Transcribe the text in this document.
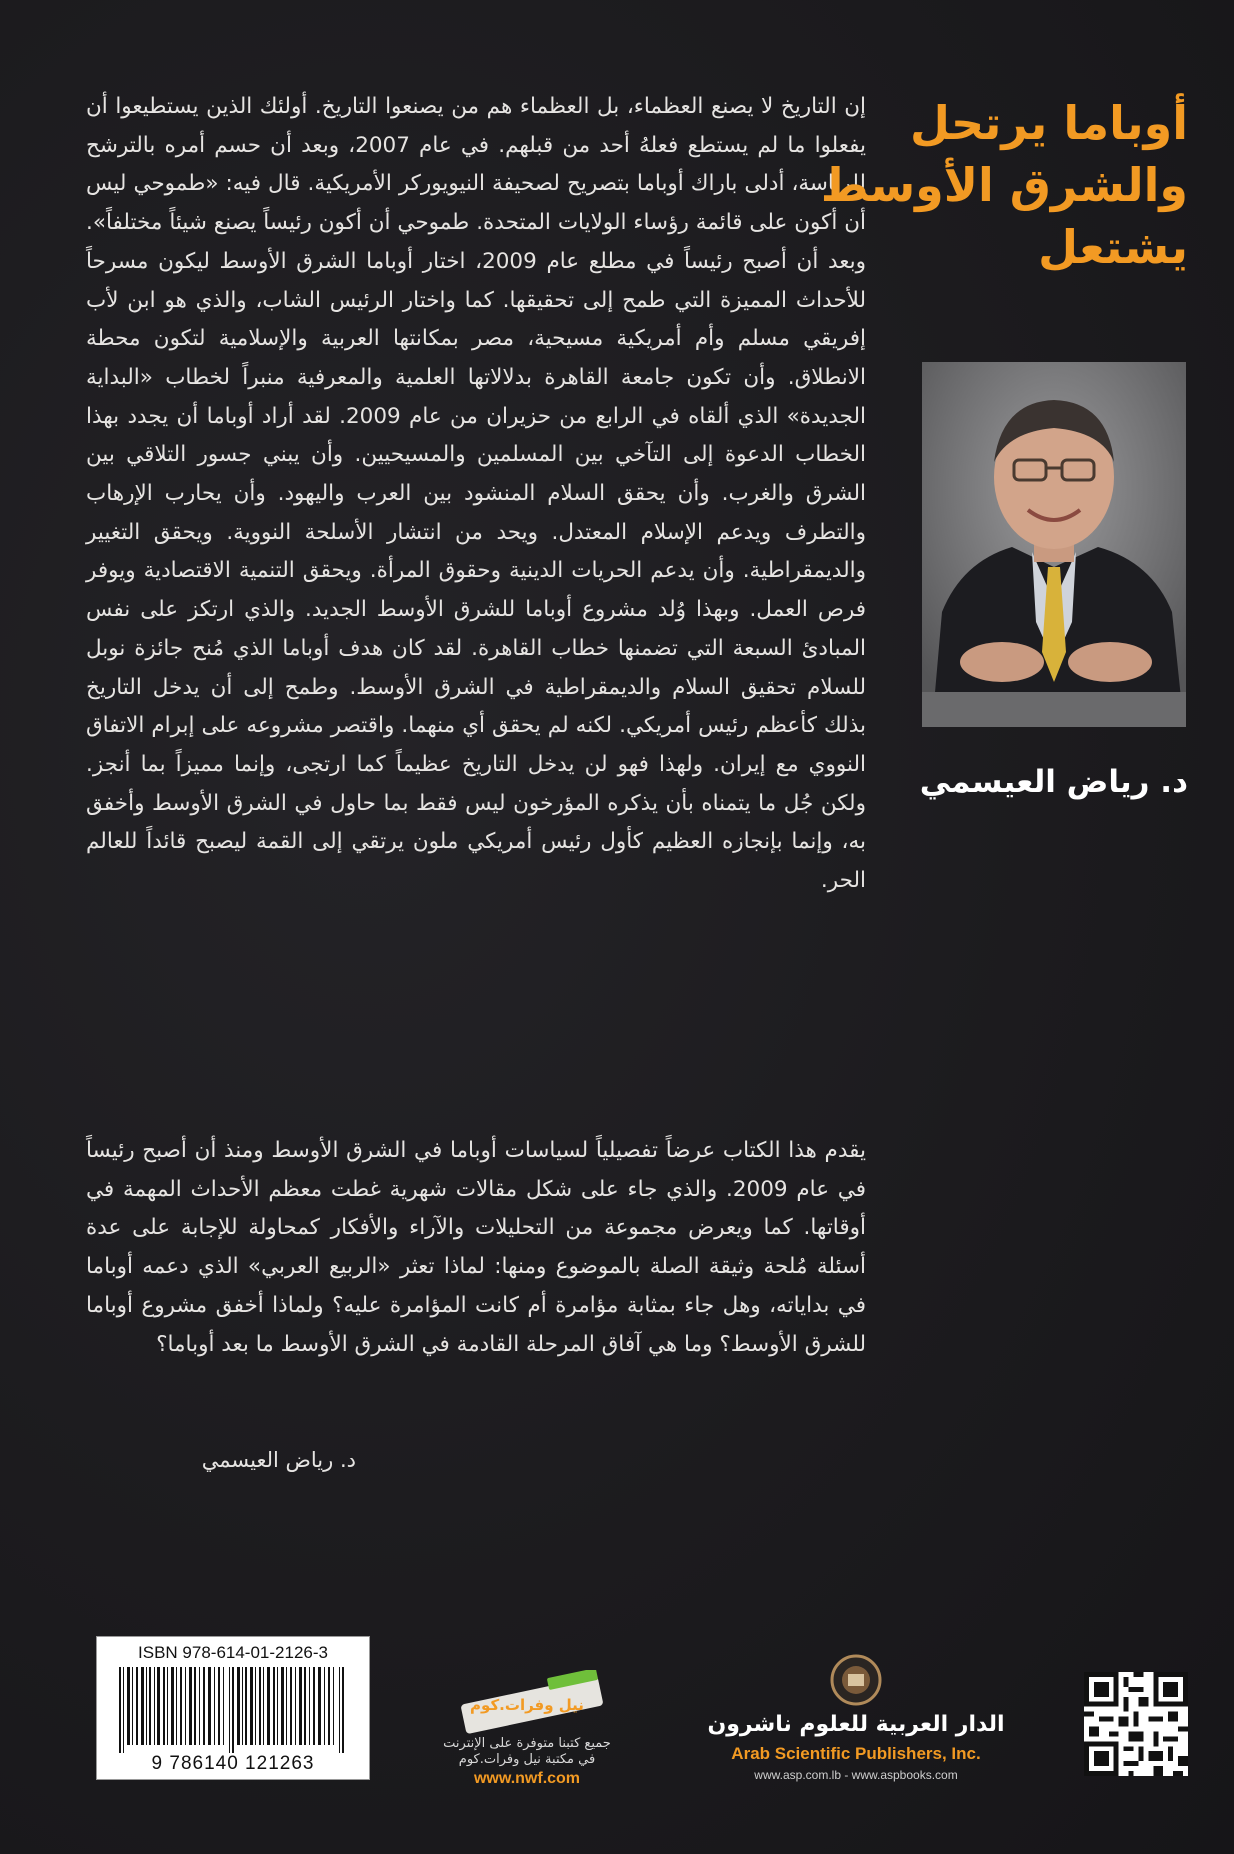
إن التاريخ لا يصنع العظماء، بل العظماء هم من يصنعوا التاريخ. أولئك الذين يستطيعوا أن يفعلوا ما لم يستطع فعلهُ أحد من قبلهم. في عام 2007، وبعد أن حسم أمره بالترشح للرئاسة، أدلى باراك أوباما بتصريح لصحيفة النيويوركر الأمريكية. قال فيه: «طموحي ليس أن أكون على قائمة رؤساء الولايات المتحدة. طموحي أن أكون رئيساً يصنع شيئاً مختلفاً». وبعد أن أصبح رئيساً في مطلع عام 2009، اختار أوباما الشرق الأوسط ليكون مسرحاً للأحداث المميزة التي طمح إلى تحقيقها. كما واختار الرئيس الشاب، والذي هو ابن لأب إفريقي مسلم وأم أمريكية مسيحية، مصر بمكانتها العربية والإسلامية لتكون محطة الانطلاق. وأن تكون جامعة القاهرة بدلالاتها العلمية والمعرفية منبراً لخطاب «البداية الجديدة» الذي ألقاه في الرابع من حزيران من عام 2009. لقد أراد أوباما أن يجدد بهذا الخطاب الدعوة إلى التآخي بين المسلمين والمسيحيين. وأن يبني جسور التلاقي بين الشرق والغرب. وأن يحقق السلام المنشود بين العرب واليهود. وأن يحارب الإرهاب والتطرف ويدعم الإسلام المعتدل. ويحد من انتشار الأسلحة النووية. ويحقق التغيير والديمقراطية. وأن يدعم الحريات الدينية وحقوق المرأة. ويحقق التنمية الاقتصادية ويوفر فرص العمل. وبهذا وُلد مشروع أوباما للشرق الأوسط الجديد. والذي ارتكز على نفس المبادئ السبعة التي تضمنها خطاب القاهرة. لقد كان هدف أوباما الذي مُنح جائزة نوبل للسلام تحقيق السلام والديمقراطية في الشرق الأوسط. وطمح إلى أن يدخل التاريخ بذلك كأعظم رئيس أمريكي. لكنه لم يحقق أي منهما. واقتصر مشروعه على إبرام الاتفاق النووي مع إيران. ولهذا فهو لن يدخل التاريخ عظيماً كما ارتجى، وإنما مميزاً بما أنجز. ولكن جُل ما يتمناه بأن يذكره المؤرخون ليس فقط بما حاول في الشرق الأوسط وأخفق به، وإنما بإنجازه العظيم كأول رئيس أمريكي ملون يرتقي إلى القمة ليصبح قائداً للعالم الحر.

يقدم هذا الكتاب عرضاً تفصيلياً لسياسات أوباما في الشرق الأوسط ومنذ أن أصبح رئيساً في عام 2009. والذي جاء على شكل مقالات شهرية غطت معظم الأحداث المهمة في أوقاتها. كما ويعرض مجموعة من التحليلات والآراء والأفكار كمحاولة للإجابة على عدة أسئلة مُلحة وثيقة الصلة بالموضوع ومنها: لماذا تعثر «الربيع العربي» الذي دعمه أوباما في بداياته، وهل جاء بمثابة مؤامرة أم كانت المؤامرة عليه؟ ولماذا أخفق مشروع أوباما للشرق الأوسط؟ وما هي آفاق المرحلة القادمة في الشرق الأوسط ما بعد أوباما؟

د. رياض العيسمي
أوباما يرتحل
والشرق الأوسط
يشتعل
د. رياض العيسمي
ISBN 978-614-01-2126-3
9 786140 121263
نيل وفرات.كوم
جميع كتبنا متوفرة على الإنترنت
في مكتبة نيل وفرات.كوم
www.nwf.com
الدار العربية للعلوم ناشرون
Arab Scientific Publishers, Inc.
www.asp.com.lb - www.aspbooks.com
